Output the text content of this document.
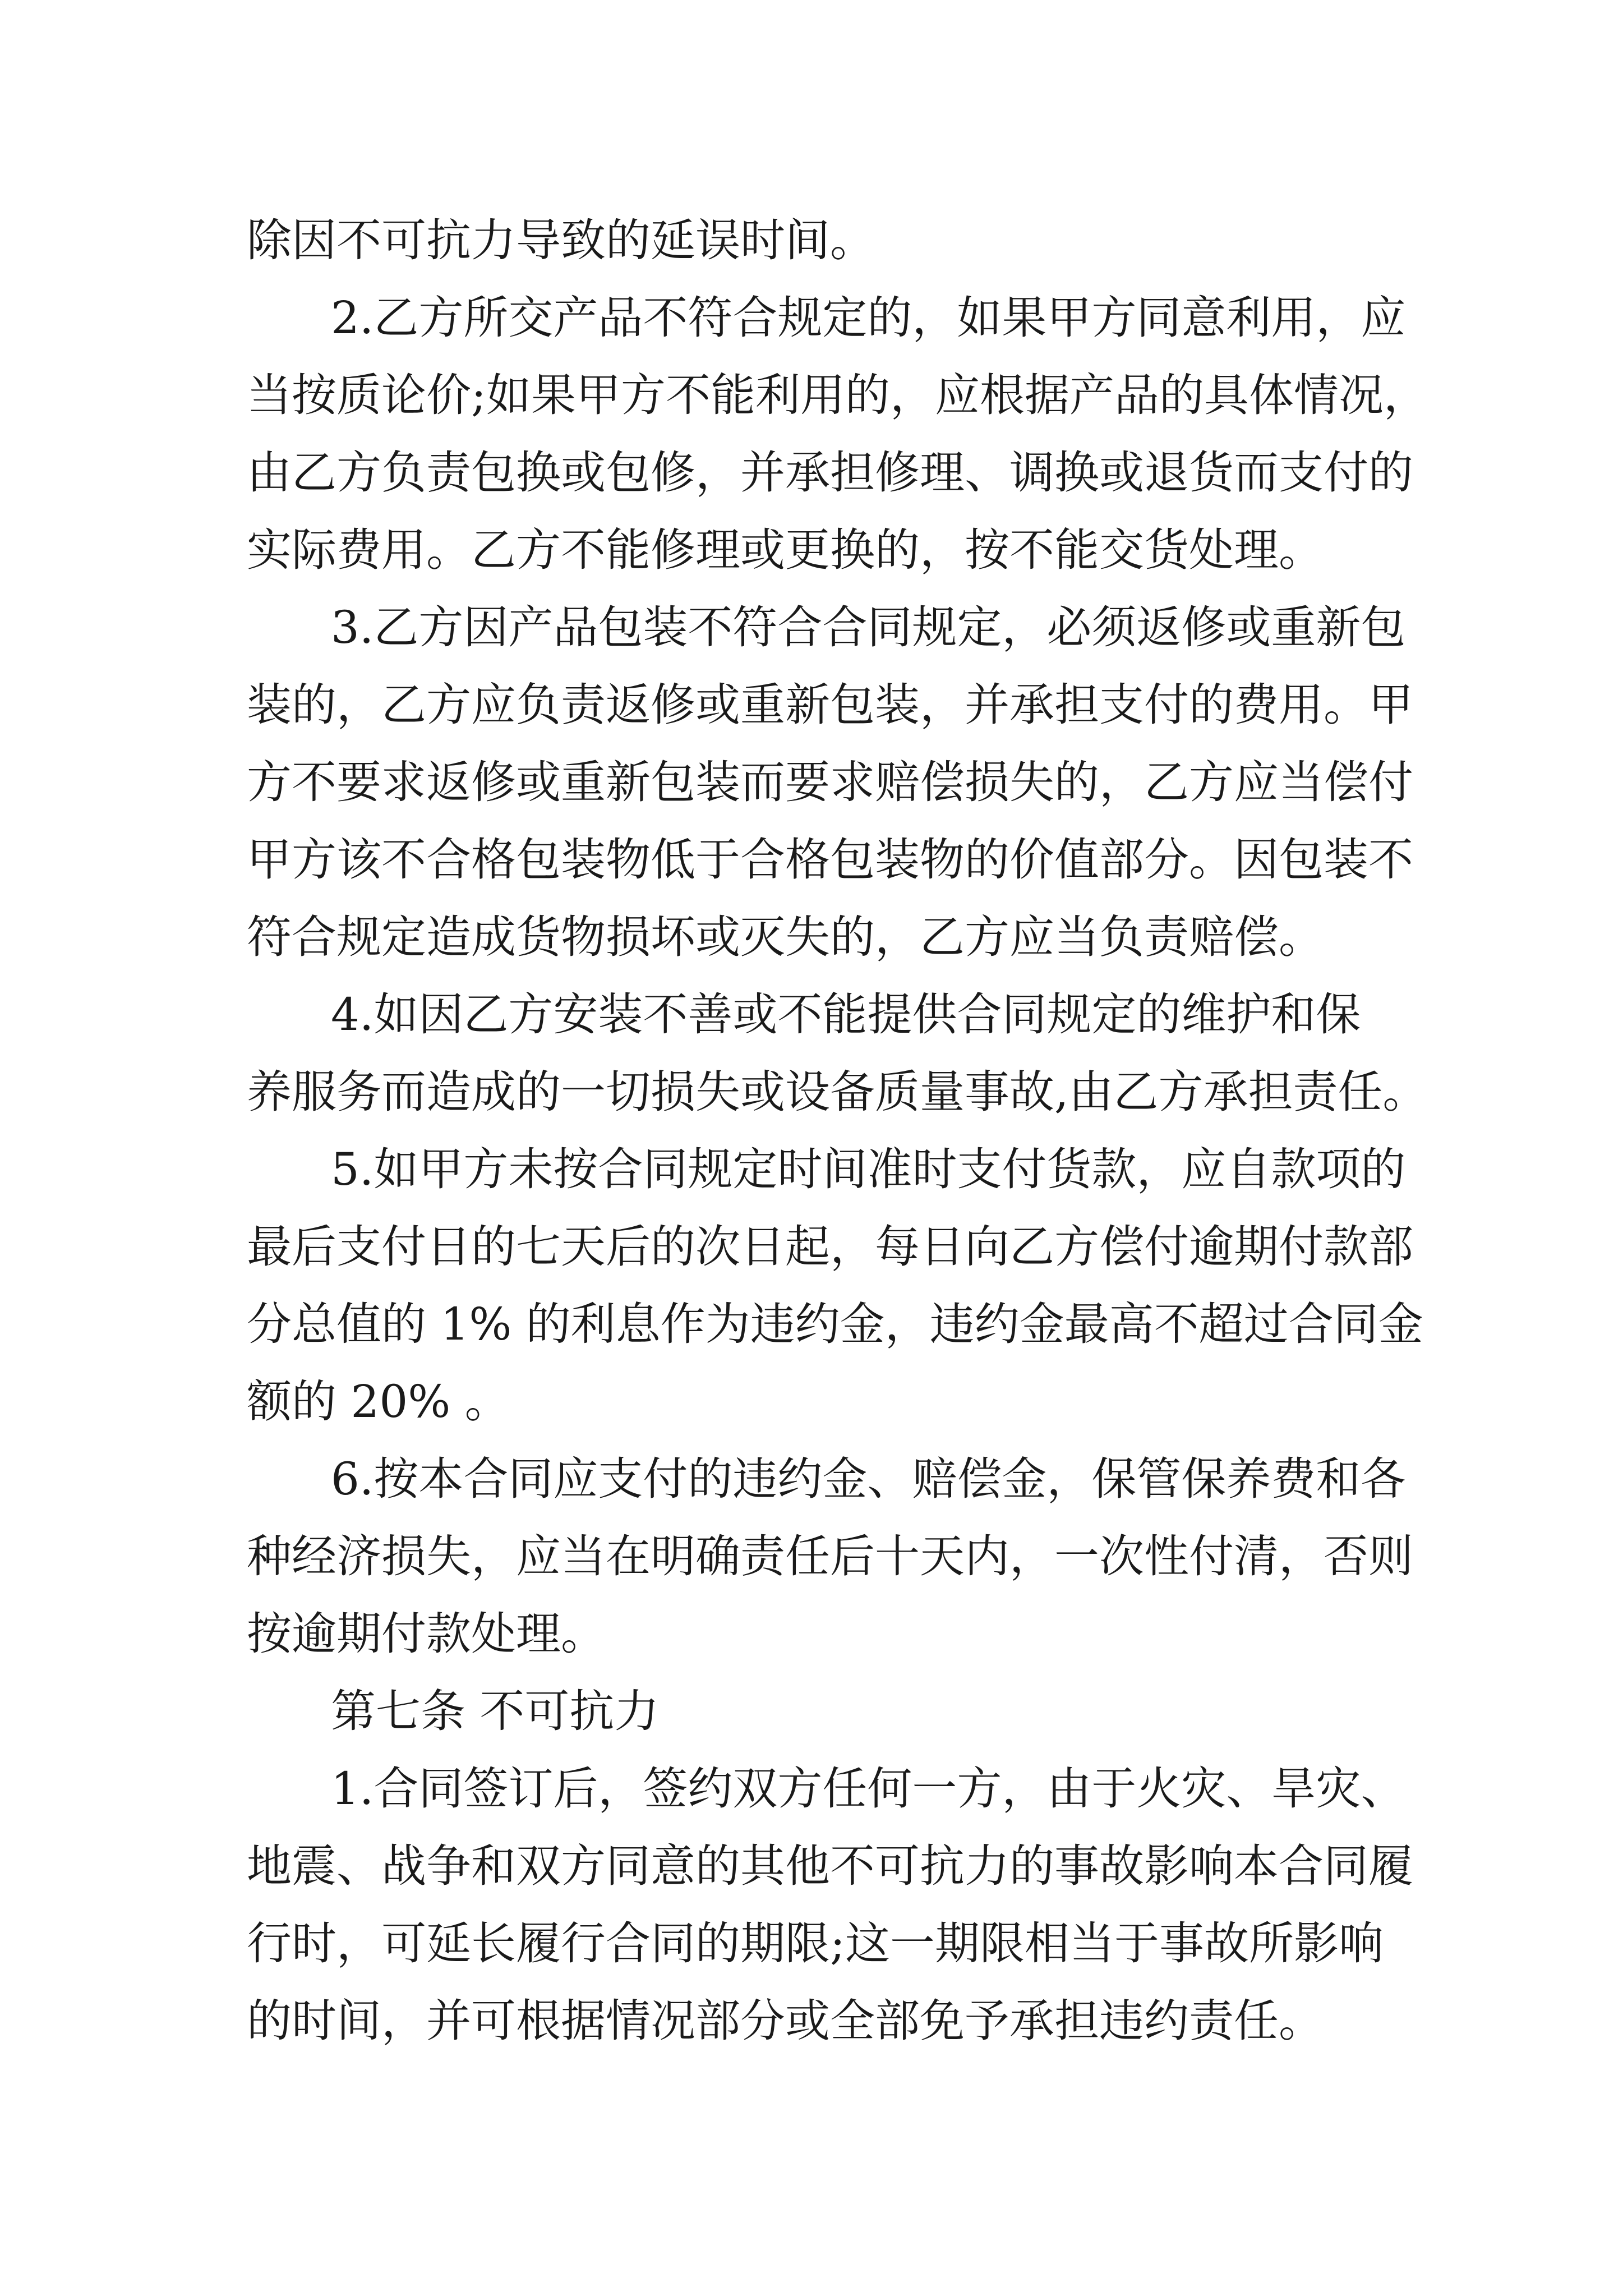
除因不可抗力导致的延误时间。
2.乙方所交产品不符合规定的，如果甲方同意利用，应
当按质论价;如果甲方不能利用的，应根据产品的具体情况，
由乙方负责包换或包修，并承担修理、调换或退货而支付的
实际费用。乙方不能修理或更换的，按不能交货处理。
3.乙方因产品包装不符合合同规定，必须返修或重新包
装的，乙方应负责返修或重新包装，并承担支付的费用。甲
方不要求返修或重新包装而要求赔偿损失的，乙方应当偿付
甲方该不合格包装物低于合格包装物的价值部分。因包装不
符合规定造成货物损坏或灭失的，乙方应当负责赔偿。
4.如因乙方安装不善或不能提供合同规定的维护和保
养服务而造成的一切损失或设备质量事故,由乙方承担责任。
5.如甲方未按合同规定时间准时支付货款，应自款项的
最后支付日的七天后的次日起，每日向乙方偿付逾期付款部
分总值的 1% 的利息作为违约金，违约金最高不超过合同金
额的 20% 。
6.按本合同应支付的违约金、赔偿金，保管保养费和各
种经济损失，应当在明确责任后十天内，一次性付清，否则
按逾期付款处理。
第七条 不可抗力
1.合同签订后，签约双方任何一方，由于火灾、旱灾、
地震、战争和双方同意的其他不可抗力的事故影响本合同履
行时，可延长履行合同的期限;这一期限相当于事故所影响
的时间，并可根据情况部分或全部免予承担违约责任。
